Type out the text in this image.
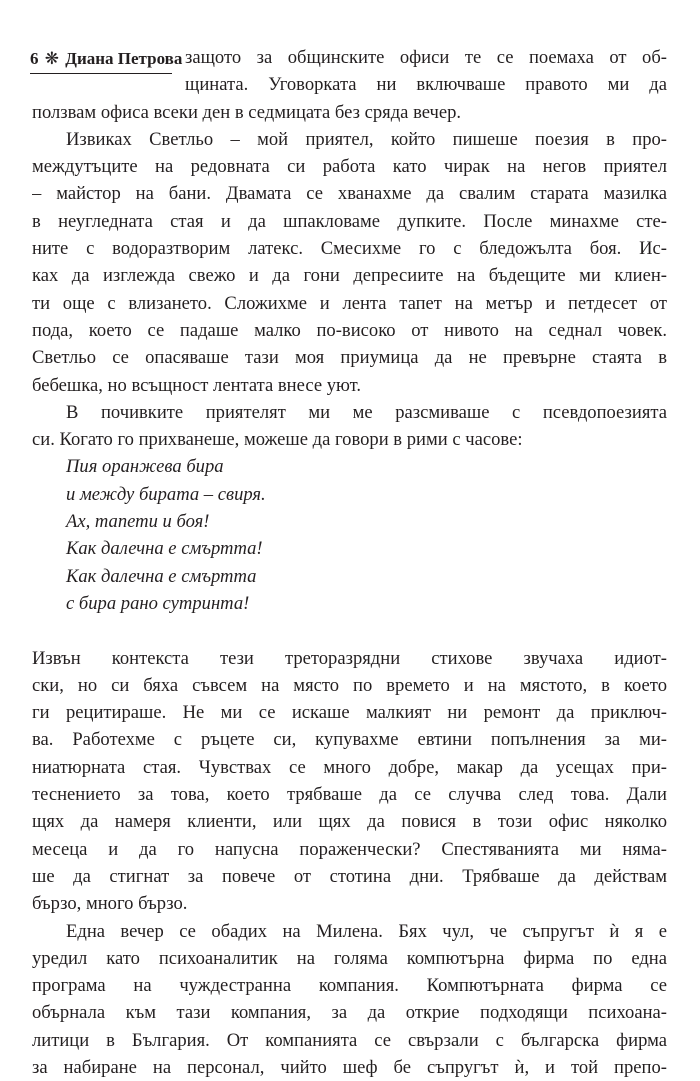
6 ❋ Диана Петрова защото за общинските офиси те се поемаха от об-
щината. Уговорката ни включваше правото ми да
ползвам офиса всеки ден в седмицата без сряда вечер.
Извиках Светльо – мой приятел, който пишеше поезия в про-
междутъците на редовната си работа като чирак на негов приятел
– майстор на бани. Двамата се хванахме да свалим старата мазилка
в неугледната стая и да шпакловаме дупките. После минахме сте-
ните с водоразтворим латекс. Смесихме го с бледожълта боя. Ис-
ках да изглежда свежо и да гони депресиите на бъдещите ми клиен-
ти още с влизането. Сложихме и лента тапет на метър и петдесет от
пода, което се падаше малко по-високо от нивото на седнал човек.
Светльо се опасяваше тази моя приумица да не превърне стаята в
бебешка, но всъщност лентата внесе уют.
В почивките приятелят ми ме разсмиваше с псевдопоезията
си. Когато го прихванеше, можеше да говори в рими с часове:
Пия оранжева бира
и между бирата – свиря.
Ах, тапети и боя!
Как далечна е смъртта!
Как далечна е смъртта
с бира рано сутринта!
Извън контекста тези треторазрядни стихове звучаха идиот-
ски, но си бяха съвсем на място по времето и на мястото, в което
ги рецитираше. Не ми се искаше малкият ни ремонт да приключ-
ва. Работехме с ръцете си, купувахме евтини попълнения за ми-
ниатюрната стая. Чувствах се много добре, макар да усещах при-
теснението за това, което трябваше да се случва след това. Дали
щях да намеря клиенти, или щях да повися в този офис няколко
месеца и да го напусна пораженчески? Спестяванията ми няма-
ше да стигнат за повече от стотина дни. Трябваше да действам
бързо, много бързо.
Една вечер се обадих на Милена. Бях чул, че съпругът ѝ я е
уредил като психоаналитик на голяма компютърна фирма по една
програма на чуждестранна компания. Компютърната фирма се
обърнала към тази компания, за да открие подходящи психоана-
литици в България. От компанията се свързали с българска фирма
за набиране на персонал, чийто шеф бе съпругът ѝ, и той препо-
